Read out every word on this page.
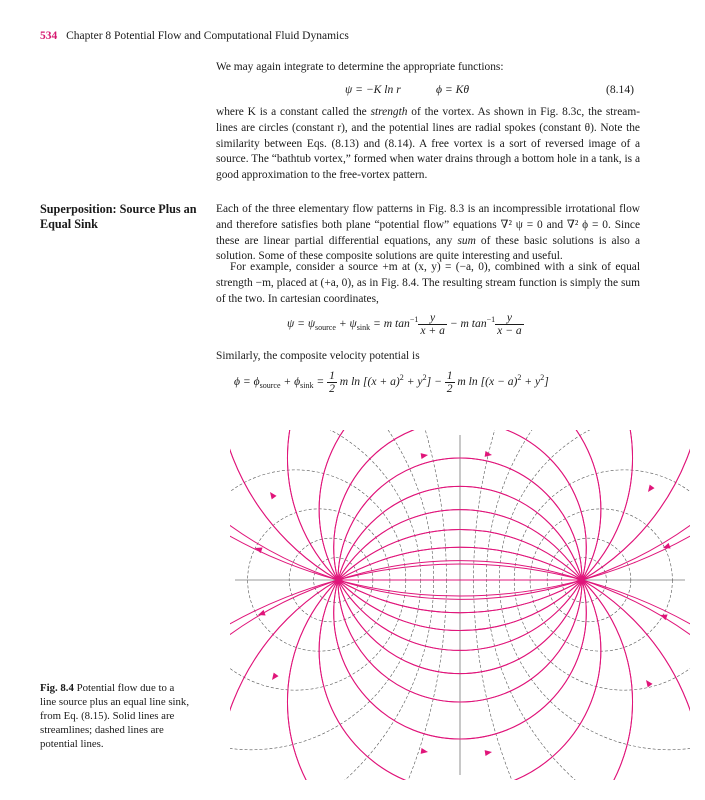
534 Chapter 8 Potential Flow and Computational Fluid Dynamics
We may again integrate to determine the appropriate functions:
ψ = −K ln r	ϕ = Kθ	(8.14)
where K is a constant called the strength of the vortex. As shown in Fig. 8.3c, the stream-lines are circles (constant r), and the potential lines are radial spokes (constant θ). Note the similarity between Eqs. (8.13) and (8.14). A free vortex is a sort of reversed image of a source. The “bathtub vortex,” formed when water drains through a bottom hole in a tank, is a good approximation to the free-vortex pattern.
Superposition: Source Plus an Equal Sink
Each of the three elementary flow patterns in Fig. 8.3 is an incompressible irrotational flow and therefore satisfies both plane “potential flow” equations ∇² ψ = 0 and ∇² ϕ = 0. Since these are linear partial differential equations, any sum of these basic solutions is also a solution. Some of these composite solutions are quite interesting and useful.
For example, consider a source +m at (x, y) = (−a, 0), combined with a sink of equal strength −m, placed at (+a, 0), as in Fig. 8.4. The resulting stream function is simply the sum of the two. In cartesian coordinates,
$\psi = \psi_{source} + \psi_{sink} = m$ $\tan^{-1} \frac{y}{x + a} - m$ $\tan^{-1} \frac{y}{x - a}$
Similarly, the composite velocity potential is
$\phi = \phi_{source} + \phi_{sink} = \frac{1}{2}$ m $\ln [(x + a)^2 + y^2] - \frac{1}{2}$ m $\ln [(x - a)^2 + y^2]$
Fig. 8.4 Potential flow due to a line source plus an equal line sink, from Eq. (8.15). Solid lines are streamlines; dashed lines are potential lines.
